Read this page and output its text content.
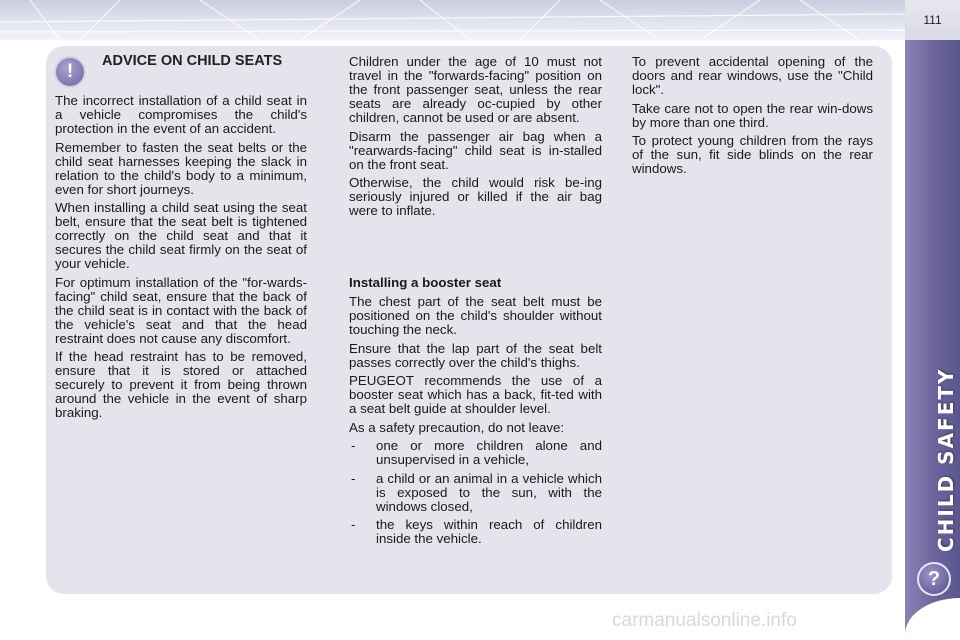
111
CHILD SAFETY
?
!	ADVICE ON CHILD SEATS

The incorrect installation of a child seat in a vehicle compromises the child's protection in the event of an accident.

Remember to fasten the seat belts or the child seat harnesses keeping the slack in relation to the child's body to a minimum, even for short journeys.

When installing a child seat using the seat belt, ensure that the seat belt is tightened correctly on the child seat and that it secures the child seat firmly on the seat of your vehicle.

For optimum installation of the "for-wards-facing" child seat, ensure that the back of the child seat is in contact with the back of the vehicle's seat and that the head restraint does not cause any discomfort.

If the head restraint has to be removed, ensure that it is stored or attached securely to prevent it from being thrown around the vehicle in the event of sharp braking.

Children under the age of 10 must not travel in the "forwards-facing" position on the front passenger seat, unless the rear seats are already oc-cupied by other children, cannot be used or are absent.

Disarm the passenger air bag when a "rearwards-facing" child seat is in-stalled on the front seat.

Otherwise, the child would risk be-ing seriously injured or killed if the air bag were to inflate.

Installing a booster seat

The chest part of the seat belt must be positioned on the child's shoulder without touching the neck.

Ensure that the lap part of the seat belt passes correctly over the child's thighs.

PEUGEOT recommends the use of a booster seat which has a back, fit-ted with a seat belt guide at shoulder level.

As a safety precaution, do not leave:

- one or more children alone and unsupervised in a vehicle,
- a child or an animal in a vehicle which is exposed to the sun, with the windows closed,
- the keys within reach of children inside the vehicle.

To prevent accidental opening of the doors and rear windows, use the "Child lock".

Take care not to open the rear win-dows by more than one third.

To protect young children from the rays of the sun, fit side blinds on the rear windows.

carmanualsonline.info
